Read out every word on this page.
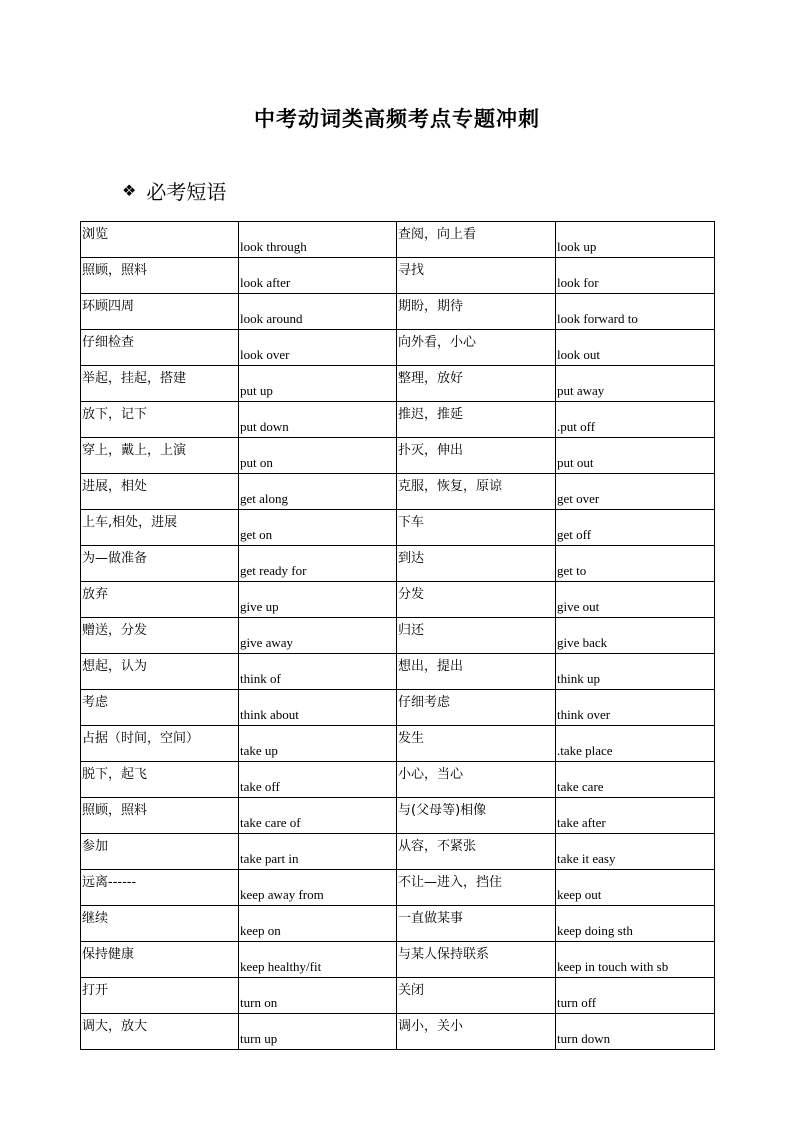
中考动词类高频考点专题冲刺
❖ 必考短语
浏览	look through	查阅，向上看	look up
照顾，照料	look after	寻找	look for
环顾四周	look around	期盼，期待	look forward to
仔细检查	look over	向外看，小心	look out
举起，挂起，搭建	put up	整理，放好	put away
放下，记下	put down	推迟，推延	.put off
穿上，戴上，上演	put on	扑灭，伸出	put out
进展，相处	get along	克服，恢复，原谅	get over
上车,相处，进展	get on	下车	get off
为—做准备	get ready for	到达	get to
放弃	give up	分发	give out
赠送，分发	give away	归还	give back
想起，认为	think of	想出，提出	think up
考虑	think about	仔细考虑	think over
占据（时间，空间）	take up	发生	.take place
脱下，起飞	take off	小心，当心	take care
照顾，照料	take care of	与(父母等)相像	take after
参加	take part in	从容，不紧张	take it easy
远离------	keep away from	不让—进入，挡住	keep out
继续	keep on	一直做某事	keep doing sth
保持健康	keep healthy/fit	与某人保持联系	keep in touch with sb
打开	turn on	关闭	turn off
调大，放大	turn up	调小，关小	turn down
